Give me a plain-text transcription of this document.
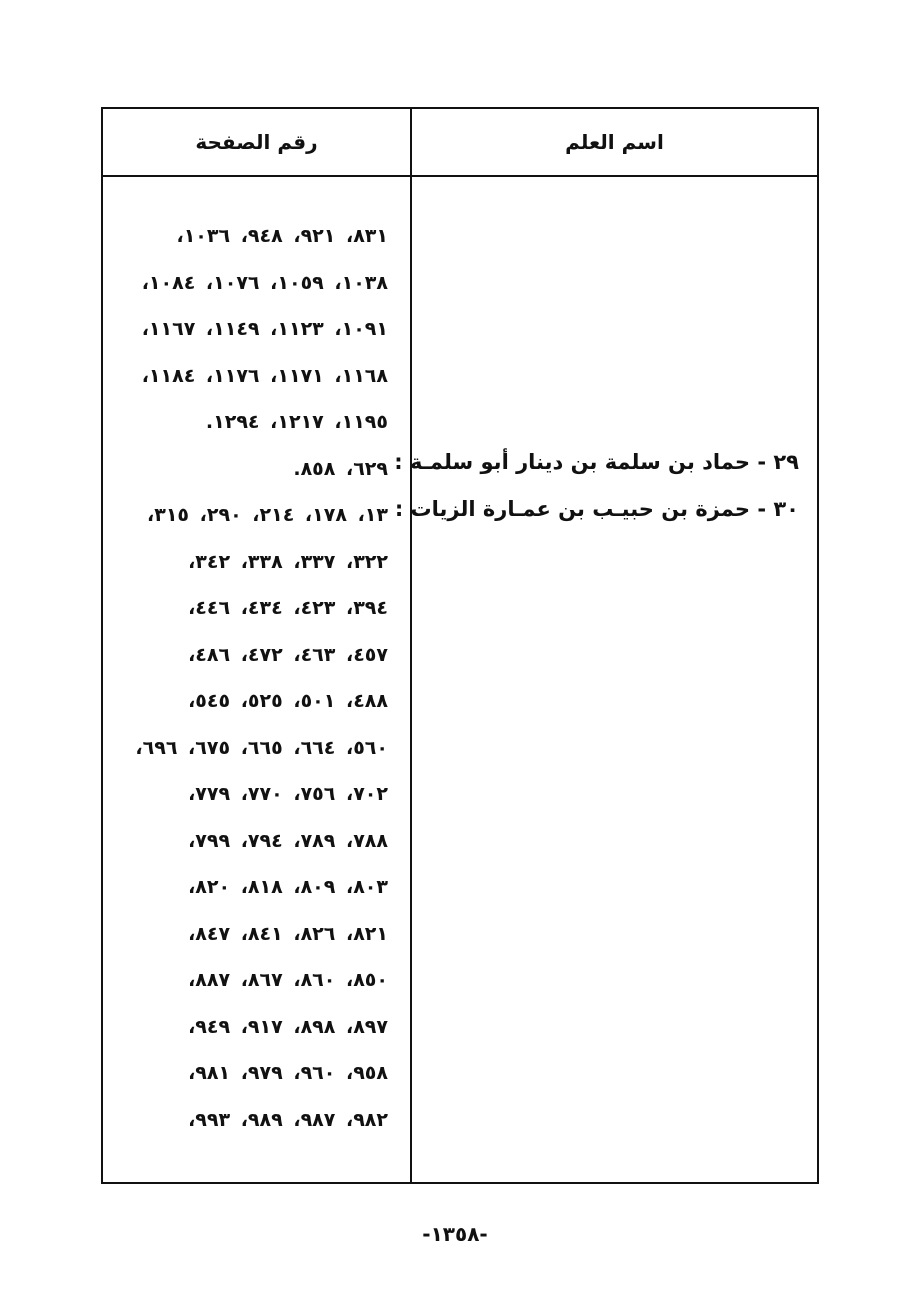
رقم الصفحة	اسم العلم
٨٣١، ٩٢١، ٩٤٨، ١٠٣٦،
١٠٣٨، ١٠٥٩، ١٠٧٦، ١٠٨٤،
١٠٩١، ١١٢٣، ١١٤٩، ١١٦٧،
١١٦٨، ١١٧١، ١١٧٦، ١١٨٤،
١١٩٥، ١٢١٧، ١٢٩٤.
٦٢٩، ٨٥٨.
١٣، ١٧٨، ٢١٤، ٢٩٠، ٣١٥،
٣٢٢، ٣٣٧، ٣٣٨، ٣٤٢،
٣٩٤، ٤٢٣، ٤٣٤، ٤٤٦،
٤٥٧، ٤٦٣، ٤٧٢، ٤٨٦،
٤٨٨، ٥٠١، ٥٢٥، ٥٤٥،
٥٦٠، ٦٦٤، ٦٦٥، ٦٧٥، ٦٩٦،
٧٠٢، ٧٥٦، ٧٧٠، ٧٧٩،
٧٨٨، ٧٨٩، ٧٩٤، ٧٩٩،
٨٠٣، ٨٠٩، ٨١٨، ٨٢٠،
٨٢١، ٨٢٦، ٨٤١، ٨٤٧،
٨٥٠، ٨٦٠، ٨٦٧، ٨٨٧،
٨٩٧، ٨٩٨، ٩١٧، ٩٤٩،
٩٥٨، ٩٦٠، ٩٧٩، ٩٨١،
٩٨٢، ٩٨٧، ٩٨٩، ٩٩٣،
٢٩ - حماد بن سلمة بن دينار أبو سلمـة :
٣٠ - حمزة بن حبيـب بن عمـارة الزيات :
-١٣٥٨-
